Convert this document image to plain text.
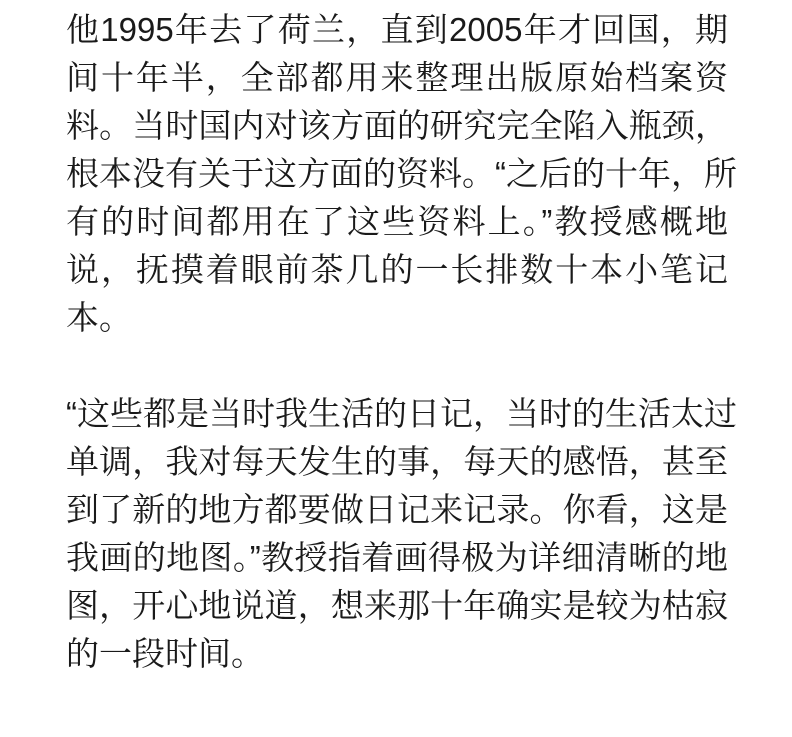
他1995年去了荷兰，直到2005年才回国，期
间十年半，全部都用来整理出版原始档案资
料。当时国内对该方面的研究完全陷入瓶颈，
根本没有关于这方面的资料。“之后的十年，所
有的时间都用在了这些资料上。”教授感概地
说，抚摸着眼前茶几的一长排数十本小笔记
本。
“这些都是当时我生活的日记，当时的生活太过
单调，我对每天发生的事，每天的感悟，甚至
到了新的地方都要做日记来记录。你看，这是
我画的地图。”教授指着画得极为详细清晰的地
图，开心地说道，想来那十年确实是较为枯寂
的一段时间。
